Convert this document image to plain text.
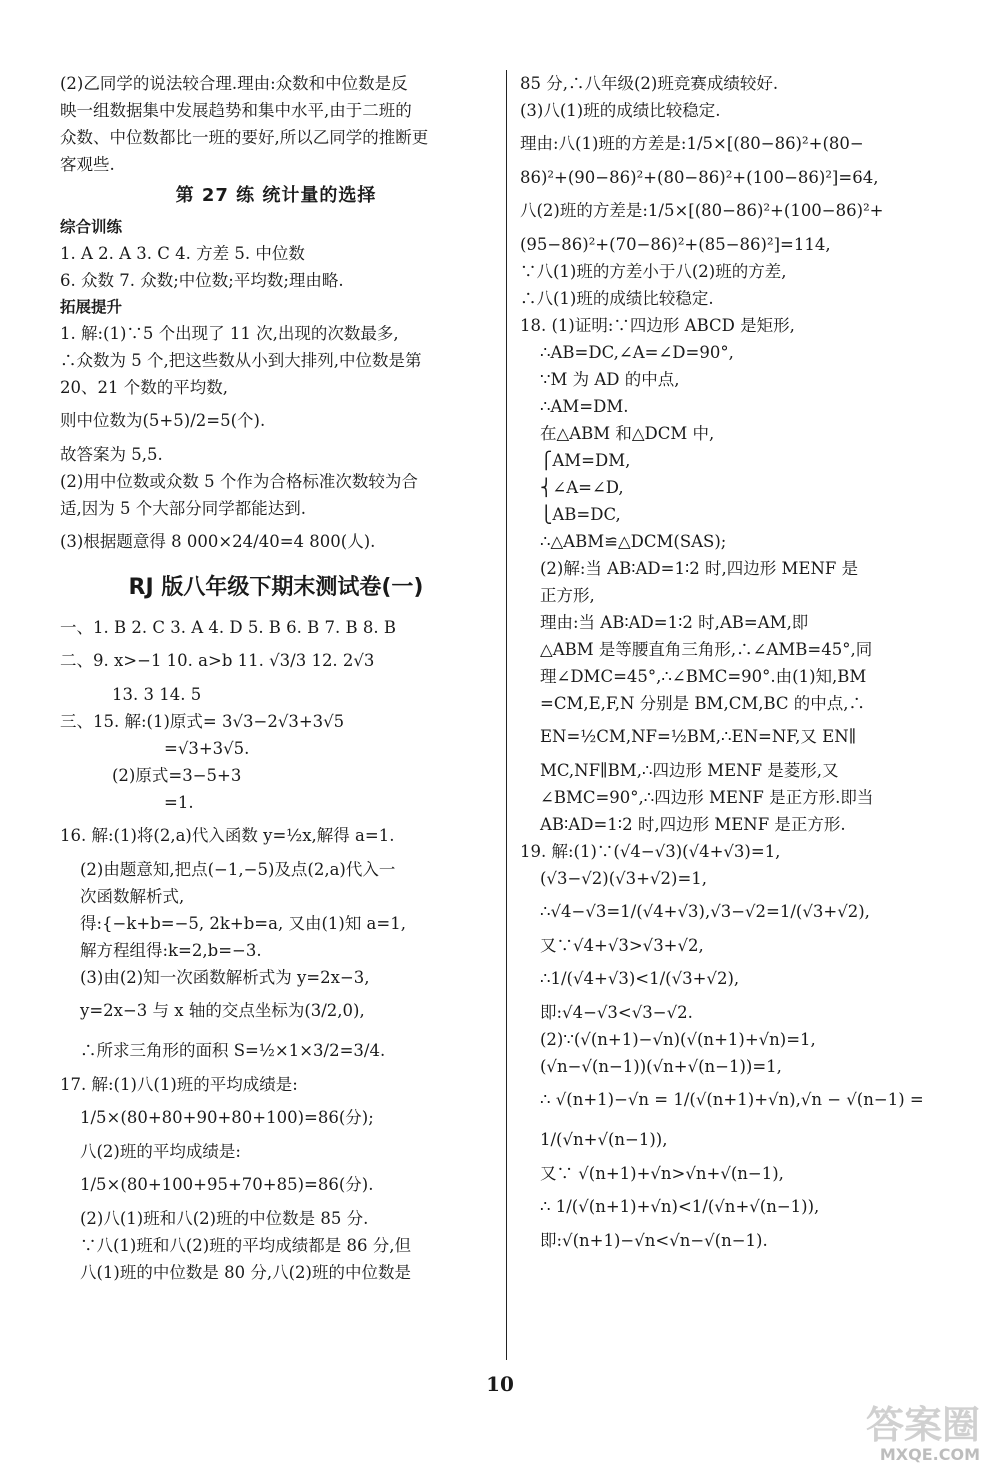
(2)乙同学的说法较合理.理由:众数和中位数是反
映一组数据集中发展趋势和集中水平,由于二班的
众数、中位数都比一班的要好,所以乙同学的推断更
客观些.
第 27 练 统计量的选择
综合训练
1. A 2. A 3. C 4. 方差 5. 中位数
6. 众数 7. 众数;中位数;平均数;理由略.
拓展提升
1. 解:(1)∵5 个出现了 11 次,出现的次数最多,
∴众数为 5 个,把这些数从小到大排列,中位数是第
20、21 个数的平均数,
则中位数为(5+5)/2=5(个).
故答案为 5,5.
(2)用中位数或众数 5 个作为合格标准次数较为合
适,因为 5 个大部分同学都能达到.
(3)根据题意得 8 000×24/40=4 800(人).
RJ 版八年级下期末测试卷(一)
一、1. B 2. C 3. A 4. D 5. B 6. B 7. B 8. B
二、9. x>−1 10. a>b 11. √3/3 12. 2√3
13. 3 14. 5
三、15. 解:(1)原式= 3√3−2√3+3√5
=√3+3√5.
(2)原式=3−5+3
=1.
16. 解:(1)将(2,a)代入函数 y=½x,解得 a=1.
(2)由题意知,把点(−1,−5)及点(2,a)代入一
次函数解析式,
得:{−k+b=−5, 2k+b=a, 又由(1)知 a=1,
解方程组得:k=2,b=−3.
(3)由(2)知一次函数解析式为 y=2x−3,
y=2x−3 与 x 轴的交点坐标为(3/2,0),
∴所求三角形的面积 S=½×1×3/2=3/4.
17. 解:(1)八(1)班的平均成绩是:
1/5×(80+80+90+80+100)=86(分);
八(2)班的平均成绩是:
1/5×(80+100+95+70+85)=86(分).
(2)八(1)班和八(2)班的中位数是 85 分.
∵八(1)班和八(2)班的平均成绩都是 86 分,但
八(1)班的中位数是 80 分,八(2)班的中位数是
85 分,∴八年级(2)班竞赛成绩较好.
(3)八(1)班的成绩比较稳定.
理由:八(1)班的方差是:1/5×[(80−86)²+(80−
86)²+(90−86)²+(80−86)²+(100−86)²]=64,
八(2)班的方差是:1/5×[(80−86)²+(100−86)²+
(95−86)²+(70−86)²+(85−86)²]=114,
∵八(1)班的方差小于八(2)班的方差,
∴八(1)班的成绩比较稳定.
18. (1)证明:∵四边形 ABCD 是矩形,
∴AB=DC,∠A=∠D=90°,
∵M 为 AD 的中点,
∴AM=DM.
在△ABM 和△DCM 中,
⎧AM=DM,
⎨∠A=∠D,
⎩AB=DC,
∴△ABM≌△DCM(SAS);
(2)解:当 AB∶AD=1∶2 时,四边形 MENF 是
正方形,
理由:当 AB∶AD=1∶2 时,AB=AM,即
△ABM 是等腰直角三角形,∴∠AMB=45°,同
理∠DMC=45°,∴∠BMC=90°.由(1)知,BM
=CM,E,F,N 分别是 BM,CM,BC 的中点,∴
EN=½CM,NF=½BM,∴EN=NF,又 EN∥
MC,NF∥BM,∴四边形 MENF 是菱形,又
∠BMC=90°,∴四边形 MENF 是正方形.即当
AB∶AD=1∶2 时,四边形 MENF 是正方形.
19. 解:(1)∵(√4−√3)(√4+√3)=1,
(√3−√2)(√3+√2)=1,
∴√4−√3=1/(√4+√3),√3−√2=1/(√3+√2),
又∵√4+√3>√3+√2,
∴1/(√4+√3)<1/(√3+√2),
即:√4−√3<√3−√2.
(2)∵(√(n+1)−√n)(√(n+1)+√n)=1,
(√n−√(n−1))(√n+√(n−1))=1,
∴ √(n+1)−√n = 1/(√(n+1)+√n),√n − √(n−1) =
1/(√n+√(n−1)),
又∵ √(n+1)+√n>√n+√(n−1),
∴ 1/(√(n+1)+√n)<1/(√n+√(n−1)),
即:√(n+1)−√n<√n−√(n−1).
10
答案圈
MXQE.COM
